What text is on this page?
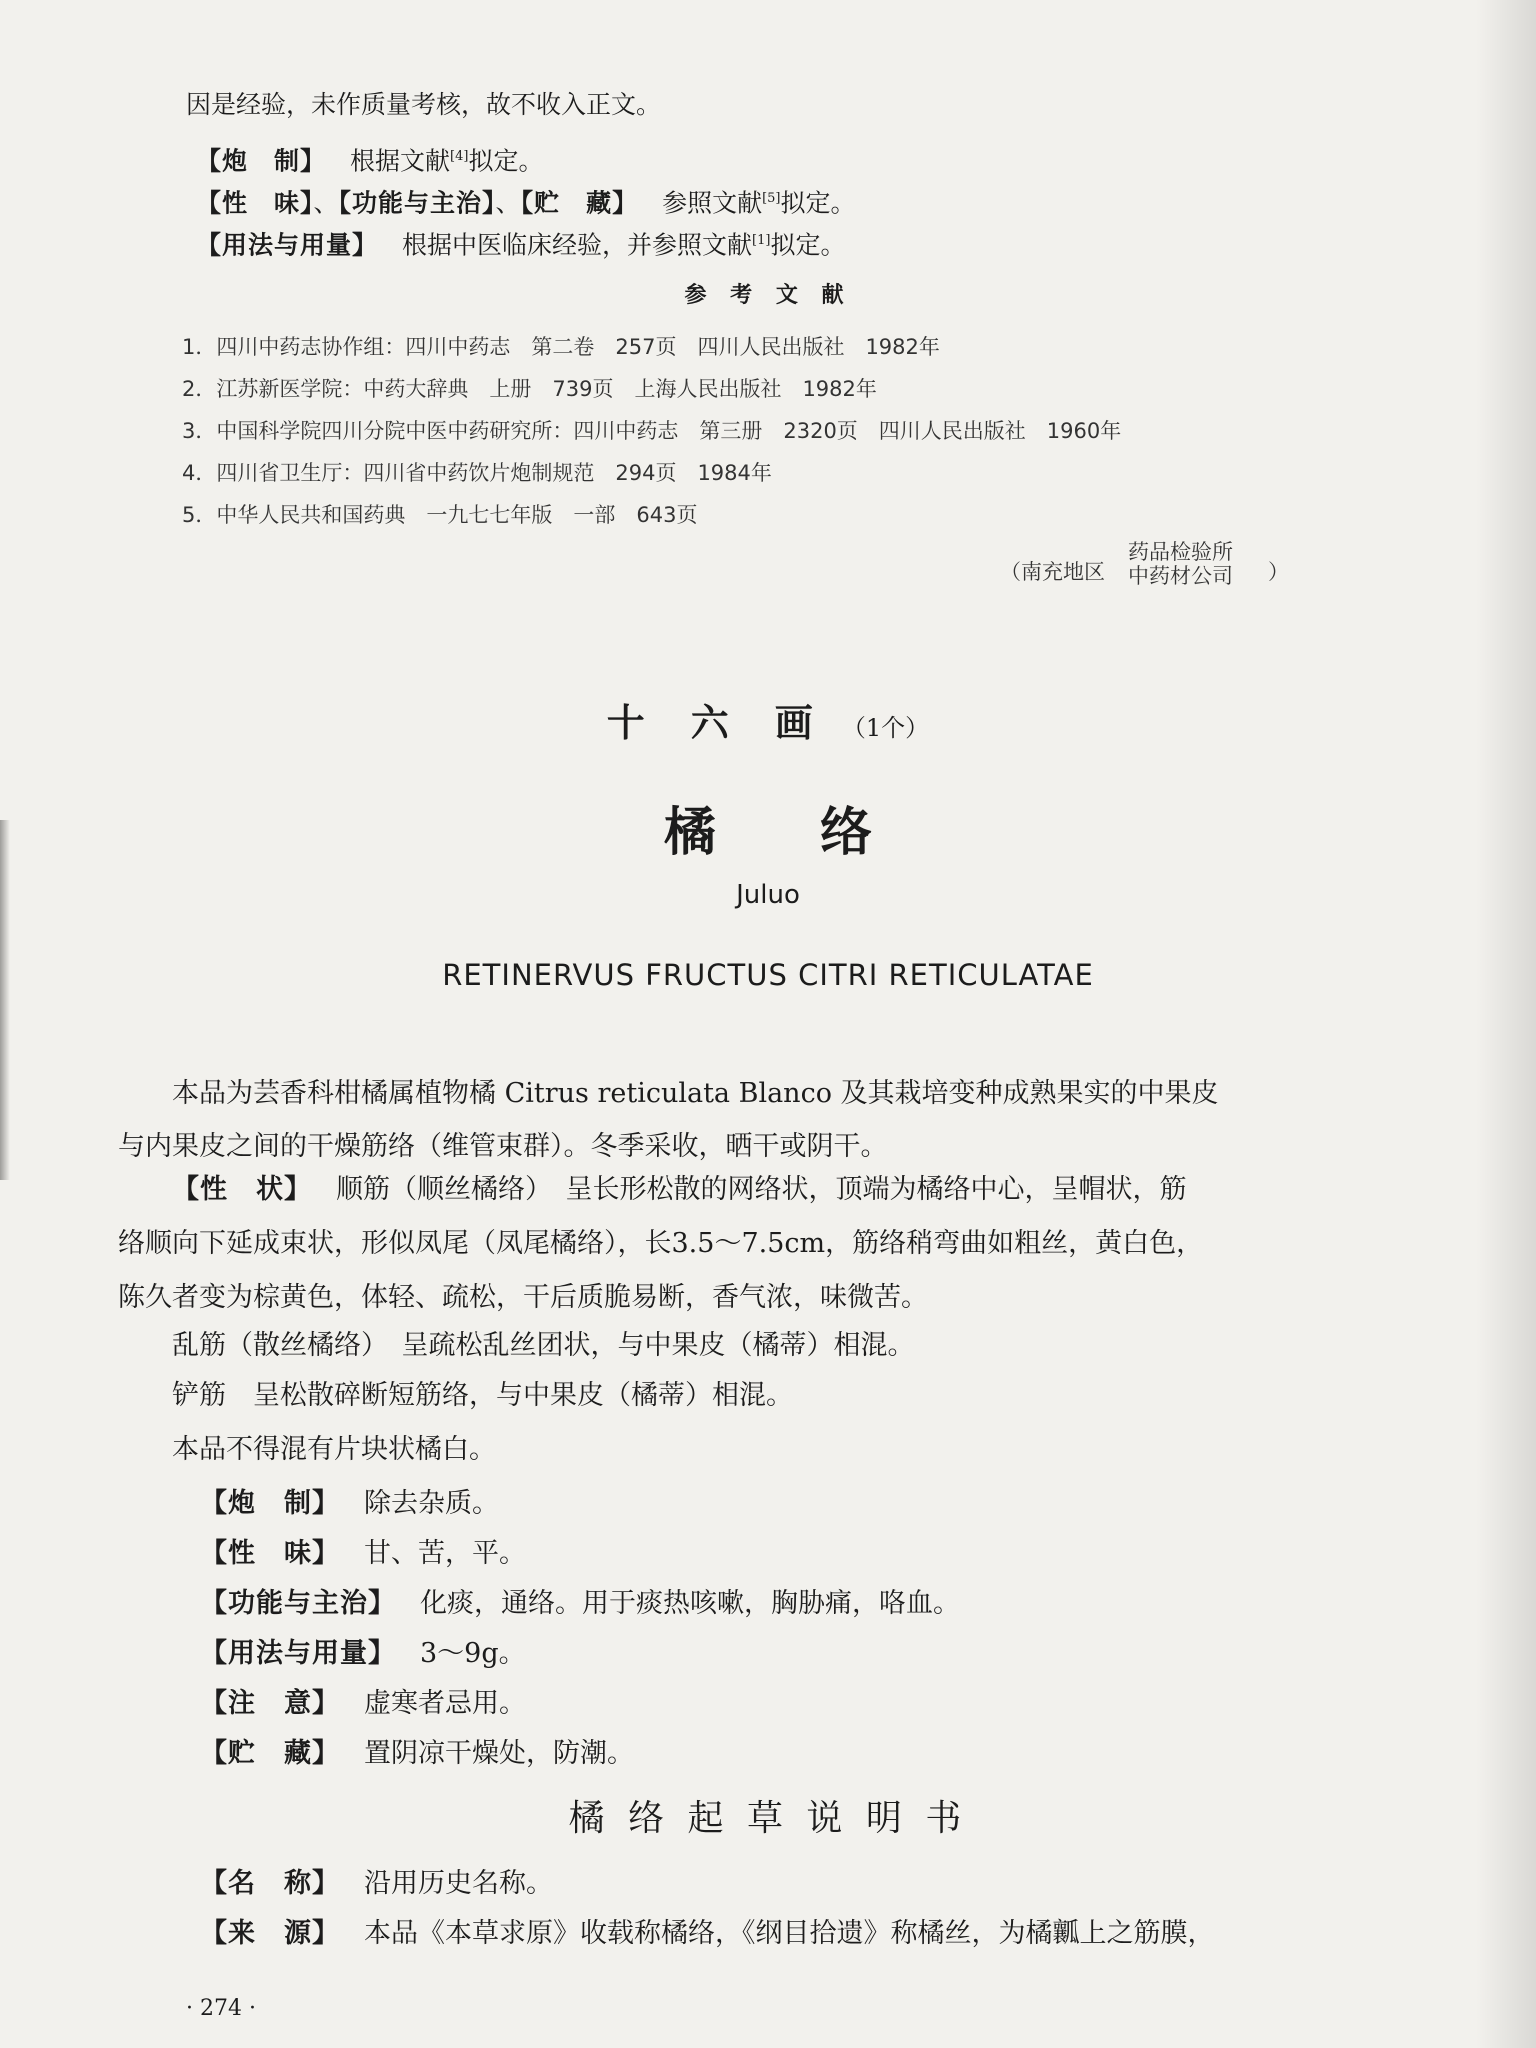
因是经验，未作质量考核，故不收入正文。
【炮 制】 根据文献[4]拟定。
【性 味】、【功能与主治】、【贮 藏】 参照文献[5]拟定。
【用法与用量】 根据中医临床经验，并参照文献[1]拟定。
参 考 文 献
1．四川中药志协作组：四川中药志　第二卷　257页　四川人民出版社　1982年
2．江苏新医学院：中药大辞典　上册　739页　上海人民出版社　1982年
3．中国科学院四川分院中医中药研究所：四川中药志　第三册　2320页　四川人民出版社　1960年
4．四川省卫生厅：四川省中药饮片炮制规范　294页　1984年
5．中华人民共和国药典　一九七七年版　一部　643页
（南充地区
药品检验所
中药材公司 ）
十　六　画 （1个）
橘　　络
Juluo
RETINERVUS FRUCTUS CITRI RETICULATAE
本品为芸香科柑橘属植物橘 Citrus reticulata Blanco 及其栽培变种成熟果实的中果皮
与内果皮之间的干燥筋络（维管束群）。冬季采收，晒干或阴干。
【性 状】 顺筋（顺丝橘络）　呈长形松散的网络状，顶端为橘络中心，呈帽状，筋
络顺向下延成束状，形似凤尾（凤尾橘络），长3.5～7.5cm，筋络稍弯曲如粗丝，黄白色，
陈久者变为棕黄色，体轻、疏松，干后质脆易断，香气浓，味微苦。
乱筋（散丝橘络）　呈疏松乱丝团状，与中果皮（橘蒂）相混。
铲筋　呈松散碎断短筋络，与中果皮（橘蒂）相混。
本品不得混有片块状橘白。
【炮 制】 除去杂质。
【性 味】 甘、苦，平。
【功能与主治】 化痰，通络。用于痰热咳嗽，胸胁痛，咯血。
【用法与用量】 3～9g。
【注 意】 虚寒者忌用。
【贮 藏】 置阴凉干燥处，防潮。
橘 络 起 草 说 明 书
【名 称】 沿用历史名称。
【来 源】 本品《本草求原》收载称橘络，《纲目拾遗》称橘丝，为橘瓤上之筋膜，
· 274 ·
